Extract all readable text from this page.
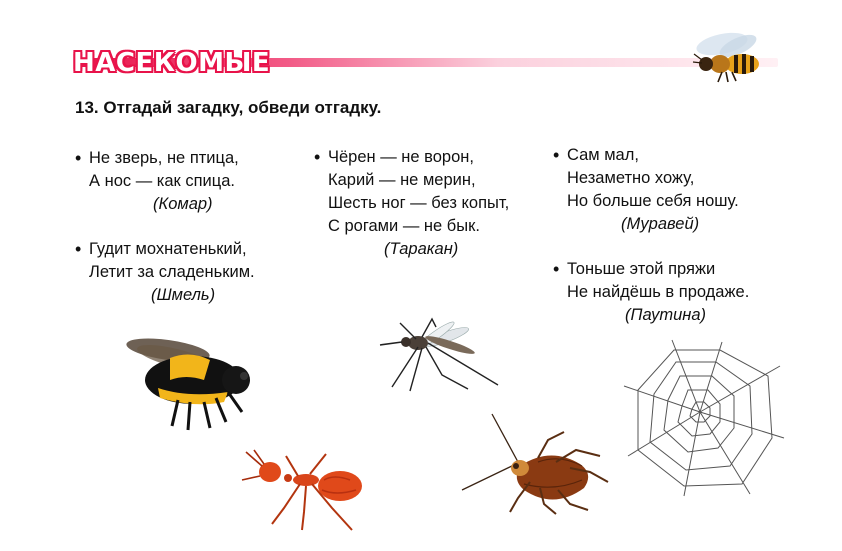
НАСЕКОМЫЕ
13. Отгадай загадку, обведи отгадку.
• Не зверь, не птица,
А нос — как спица.
(Комар)
• Гудит мохнатенький,
Летит за сладеньким.
(Шмель)
• Чёрен — не ворон,
Карий — не мерин,
Шесть ног — без копыт,
С рогами — не бык.
(Таракан)
• Сам мал,
Незаметно хожу,
Но больше себя ношу.
(Муравей)
• Тоньше этой пряжи
Не найдёшь в продаже.
(Паутина)
